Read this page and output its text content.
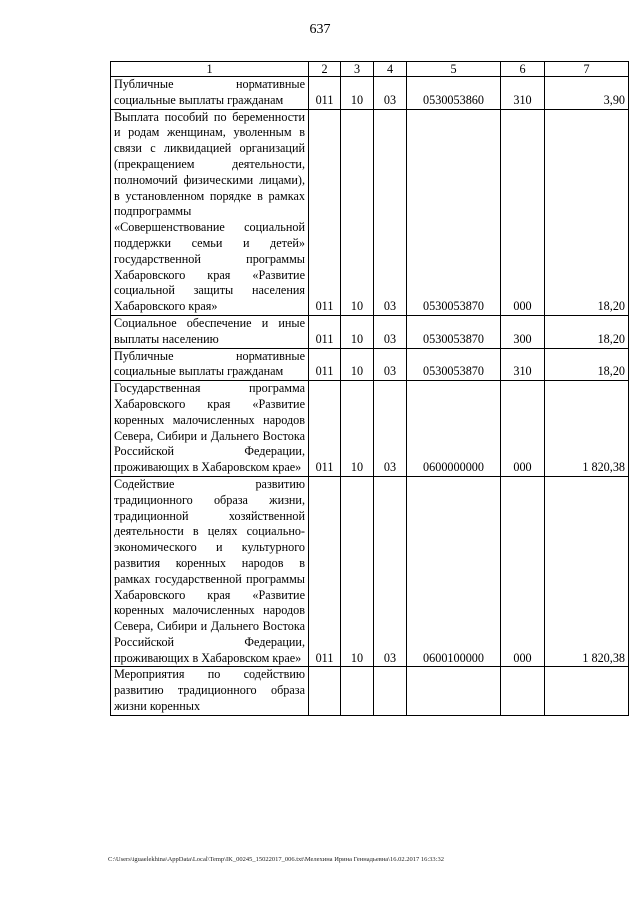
637
1	2	3	4	5	6	7
Публичные нормативные социальные выплаты гражданам	011	10	03	0530053860	310	3,90
Выплата пособий по беременности и родам женщинам, уволенным в связи с ликвидацией организаций (прекращением деятельности, полномочий физическими лицами), в установленном порядке в рамках подпрограммы «Совершенствование социальной поддержки семьи и детей» государственной программы Хабаровского края «Развитие социальной защиты населения Хабаровского края»	011	10	03	0530053870	000	18,20
Социальное обеспечение и иные выплаты населению	011	10	03	0530053870	300	18,20
Публичные нормативные социальные выплаты гражданам	011	10	03	0530053870	310	18,20
Государственная программа Хабаровского края «Развитие коренных малочисленных народов Севера, Сибири и Дальнего Востока Российской Федерации, проживающих в Хабаровском крае»	011	10	03	0600000000	000	1 820,38
Содействие развитию традиционного образа жизни, традиционной хозяйственной деятельности в целях социально-экономического и культурного развития коренных народов в рамках государственной программы Хабаровского края «Развитие коренных малочисленных народов Севера, Сибири и Дальнего Востока Российской Федерации, проживающих в Хабаровском крае»	011	10	03	0600100000	000	1 820,38
Мероприятия по содействию развитию традиционного образа жизни коренных						
C:\Users\iguaelekhina\AppData\Local\Temp\IK_00245_15022017_006.txt\Мелехина Ирина Геннадьевна\16.02.2017 16:33:32
